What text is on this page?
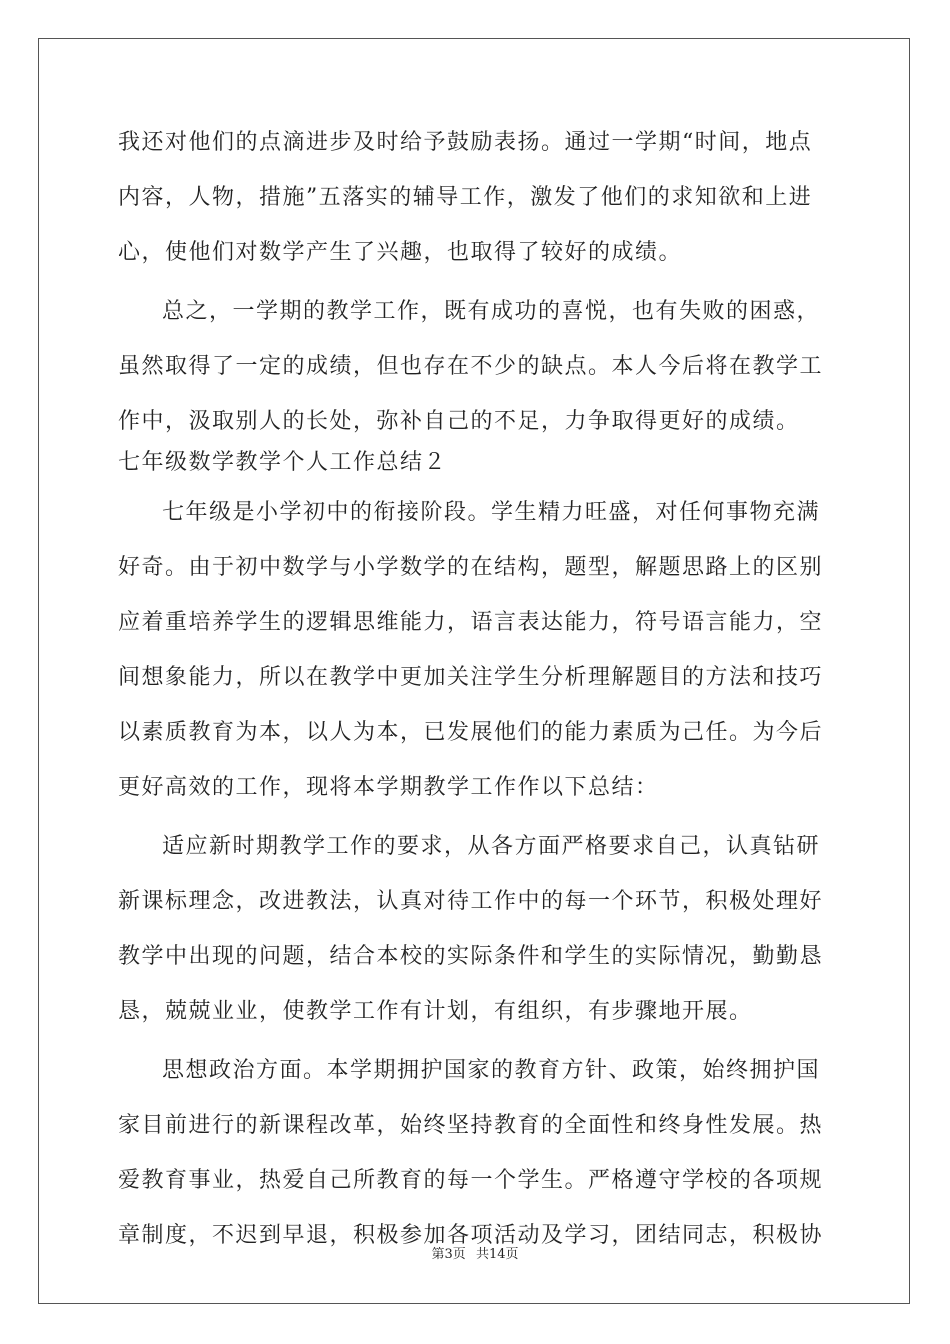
我还对他们的点滴进步及时给予鼓励表扬。通过一学期“时间，地点
内容，人物，措施”五落实的辅导工作，激发了他们的求知欲和上进
心，使他们对数学产生了兴趣，也取得了较好的成绩。
总之，一学期的教学工作，既有成功的喜悦，也有失败的困惑，
虽然取得了一定的成绩，但也存在不少的缺点。本人今后将在教学工
作中，汲取别人的长处，弥补自己的不足，力争取得更好的成绩。
七年级数学教学个人工作总结２
七年级是小学初中的衔接阶段。学生精力旺盛，对任何事物充满
好奇。由于初中数学与小学数学的在结构，题型，解题思路上的区别
应着重培养学生的逻辑思维能力，语言表达能力，符号语言能力，空
间想象能力，所以在教学中更加关注学生分析理解题目的方法和技巧
以素质教育为本，以人为本，已发展他们的能力素质为己任。为今后
更好高效的工作，现将本学期教学工作作以下总结：
适应新时期教学工作的要求，从各方面严格要求自己，认真钻研
新课标理念，改进教法，认真对待工作中的每一个环节，积极处理好
教学中出现的问题，结合本校的实际条件和学生的实际情况，勤勤恳
恳，兢兢业业，使教学工作有计划，有组织，有步骤地开展。
思想政治方面。本学期拥护国家的教育方针、政策，始终拥护国
家目前进行的新课程改革，始终坚持教育的全面性和终身性发展。热
爱教育事业，热爱自己所教育的每一个学生。严格遵守学校的各项规
章制度，不迟到早退，积极参加各项活动及学习，团结同志，积极协
第3页 共14页
